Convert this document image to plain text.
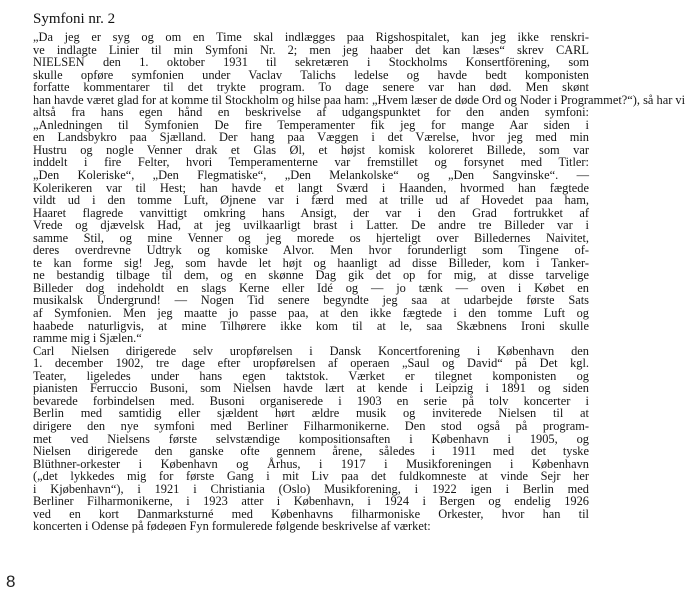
Symfoni nr. 2
„Da jeg er syg og om en Time skal indlægges paa Rigshospitalet, kan jeg ikke renskri-
ve indlagte Linier til min Symfoni Nr. 2; men jeg haaber det kan læses“ skrev CARL
NIELSEN den 1. oktober 1931 til sekretæren i Stockholms Konsertförening, som
skulle opføre symfonien under Vaclav Talichs ledelse og havde bedt komponisten
forfatte kommentarer til det trykte program. To dage senere var han død. Men skønt
han havde været glad for at komme til Stockholm og hilse paa ham: „Hvem læser de døde Ord og Noder i Programmet?“), så har vi
altså fra hans egen hånd en beskrivelse af udgangspunktet for den anden symfoni:
„Anledningen til Symfonien De fire Temperamenter fik jeg for mange Aar siden i
en Landsbykro paa Sjælland. Der hang paa Væggen i det Værelse, hvor jeg med min
Hustru og nogle Venner drak et Glas Øl, et højst komisk koloreret Billede, som var
inddelt i fire Felter, hvori Temperamenterne var fremstillet og forsynet med Titler:
„Den Koleriske“, „Den Flegmatiske“, „Den Melankolske“ og „Den Sangvinske“. —
Kolerikeren var til Hest; han havde et langt Sværd i Haanden, hvormed han fægtede
vildt ud i den tomme Luft, Øjnene var i færd med at trille ud af Hovedet paa ham,
Haaret flagrede vanvittigt omkring hans Ansigt, der var i den Grad fortrukket af
Vrede og djævelsk Had, at jeg uvilkaarligt brast i Latter. De andre tre Billeder var i
samme Stil, og mine Venner og jeg morede os hjerteligt over Billedernes Naivitet,
deres overdrevne Udtryk og komiske Alvor. Men hvor forunderligt som Tingene of-
te kan forme sig! Jeg, som havde let højt og haanligt ad disse Billeder, kom i Tanker-
ne bestandig tilbage til dem, og en skønne Dag gik det op for mig, at disse tarvelige
Billeder dog indeholdt en slags Kerne eller Idé og — jo tænk — oven i Købet en
musikalsk Undergrund! — Nogen Tid senere begyndte jeg saa at udarbejde første Sats
af Symfonien. Men jeg maatte jo passe paa, at den ikke fægtede i den tomme Luft og
haabede naturligvis, at mine Tilhørere ikke kom til at le, saa Skæbnens Ironi skulle
ramme mig i Sjælen.“
Carl Nielsen dirigerede selv uropførelsen i Dansk Koncertforening i København den
1. december 1902, tre dage efter uropførelsen af operaen „Saul og David“ på Det kgl.
Teater, ligeledes under hans egen taktstok. Værket er tilegnet komponisten og
pianisten Ferruccio Busoni, som Nielsen havde lært at kende i Leipzig i 1891 og siden
bevarede forbindelsen med. Busoni organiserede i 1903 en serie på tolv koncerter i
Berlin med samtidig eller sjældent hørt ældre musik og inviterede Nielsen til at
dirigere den nye symfoni med Berliner Filharmonikerne. Den stod også på program-
met ved Nielsens første selvstændige kompositionsaften i København i 1905, og
Nielsen dirigerede den ganske ofte gennem årene, således i 1911 med det tyske
Blüthner-orkester i København og Århus, i 1917 i Musikforeningen i København
(„det lykkedes mig for første Gang i mit Liv paa det fuldkomneste at vinde Sejr her
i Kjøbenhavn“), i 1921 i Christiania (Oslo) Musikforening, i 1922 igen i Berlin med
Berliner Filharmonikerne, i 1923 atter i København, i 1924 i Bergen og endelig 1926
ved en kort Danmarksturné med Københavns filharmoniske Orkester, hvor han til
koncerten i Odense på fødeøen Fyn formulerede følgende beskrivelse af værket:
8
